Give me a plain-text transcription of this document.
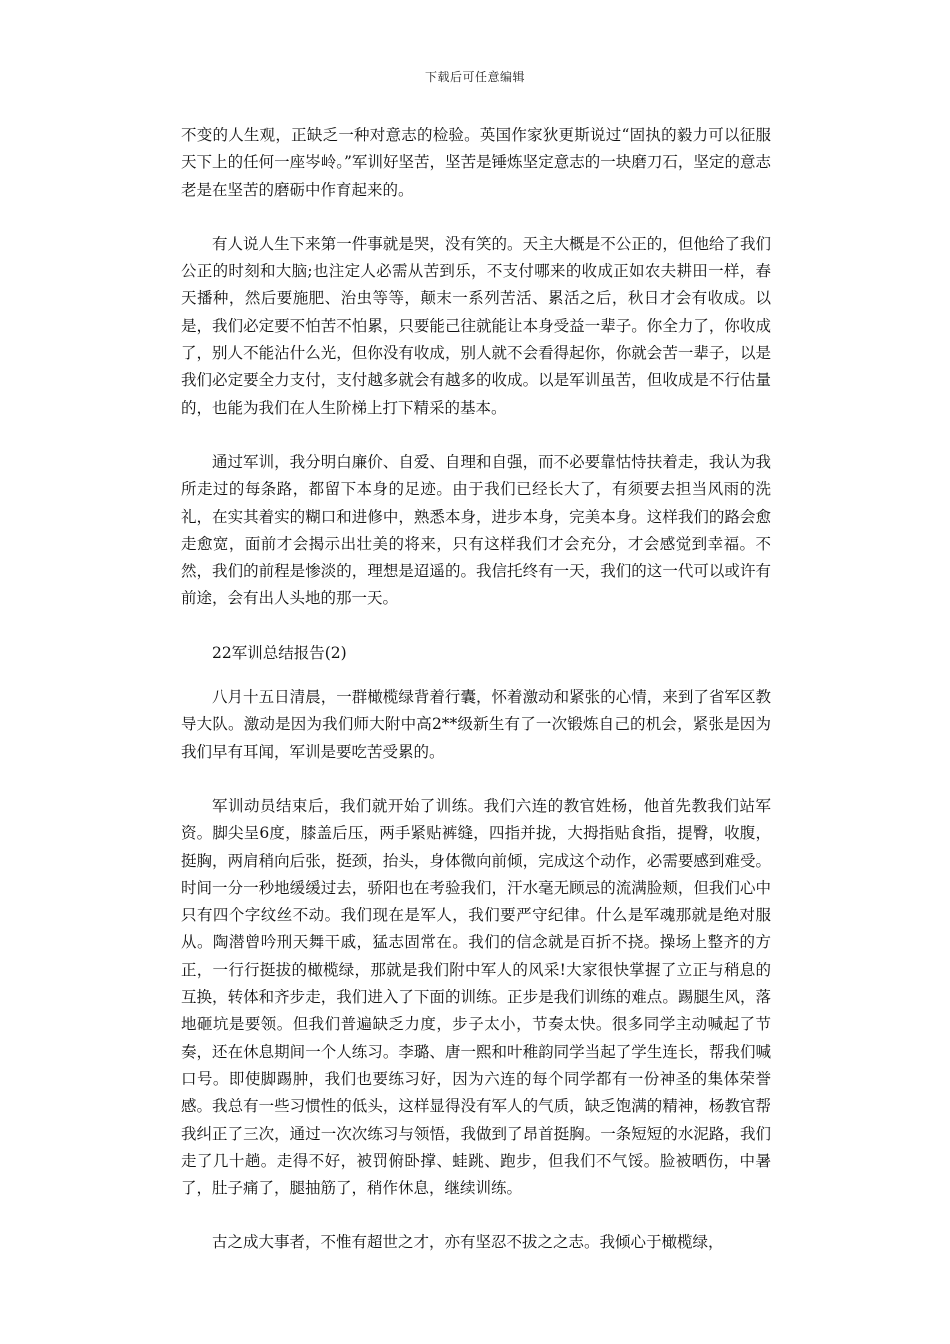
下载后可任意编辑

不变的人生观，正缺乏一种对意志的检验。英国作家狄更斯说过“固执的毅力可以征服天下上的任何一座岑岭。”军训好坚苦，坚苦是锤炼坚定意志的一块磨刀石，坚定的意志老是在坚苦的磨砺中作育起来的。

有人说人生下来第一件事就是哭，没有笑的。天主大概是不公正的，但他给了我们公正的时刻和大脑;也注定人必需从苦到乐，不支付哪来的收成正如农夫耕田一样，春天播种，然后要施肥、治虫等等，颠末一系列苦活、累活之后，秋日才会有收成。以是，我们必定要不怕苦不怕累，只要能己往就能让本身受益一辈子。你全力了，你收成了，别人不能沾什么光，但你没有收成，别人就不会看得起你，你就会苦一辈子，以是我们必定要全力支付，支付越多就会有越多的收成。以是军训虽苦，但收成是不行估量的，也能为我们在人生阶梯上打下精采的基本。

通过军训，我分明白廉价、自爱、自理和自强，而不必要靠怙恃扶着走，我认为我所走过的每条路，都留下本身的足迹。由于我们已经长大了，有须要去担当风雨的洗礼，在实其着实的糊口和进修中，熟悉本身，进步本身，完美本身。这样我们的路会愈走愈宽，面前才会揭示出壮美的将来，只有这样我们才会充分，才会感觉到幸福。不然，我们的前程是惨淡的，理想是迢遥的。我信托终有一天，我们的这一代可以或许有前途，会有出人头地的那一天。

22军训总结报告(2)

八月十五日清晨，一群橄榄绿背着行囊，怀着激动和紧张的心情，来到了省军区教导大队。激动是因为我们师大附中高2**级新生有了一次锻炼自己的机会，紧张是因为我们早有耳闻，军训是要吃苦受累的。

军训动员结束后，我们就开始了训练。我们六连的教官姓杨，他首先教我们站军资。脚尖呈6度，膝盖后压，两手紧贴裤缝，四指并拢，大拇指贴食指，提臀，收腹，挺胸，两肩稍向后张，挺颈，抬头，身体微向前倾，完成这个动作，必需要感到难受。时间一分一秒地缓缓过去，骄阳也在考验我们，汗水毫无顾忌的流满脸颊，但我们心中只有四个字纹丝不动。我们现在是军人，我们要严守纪律。什么是军魂那就是绝对服从。陶潜曾吟刑天舞干戚，猛志固常在。我们的信念就是百折不挠。操场上整齐的方正，一行行挺拔的橄榄绿，那就是我们附中军人的风采!大家很快掌握了立正与稍息的互换，转体和齐步走，我们进入了下面的训练。正步是我们训练的难点。踢腿生风，落地砸坑是要领。但我们普遍缺乏力度，步子太小，节奏太快。很多同学主动喊起了节奏，还在休息期间一个人练习。李璐、唐一熙和叶稚韵同学当起了学生连长，帮我们喊口号。即使脚踢肿，我们也要练习好，因为六连的每个同学都有一份神圣的集体荣誉感。我总有一些习惯性的低头，这样显得没有军人的气质，缺乏饱满的精神，杨教官帮我纠正了三次，通过一次次练习与领悟，我做到了昂首挺胸。一条短短的水泥路，我们走了几十趟。走得不好，被罚俯卧撑、蛙跳、跑步，但我们不气馁。脸被晒伤，中暑了，肚子痛了，腿抽筋了，稍作休息，继续训练。

古之成大事者，不惟有超世之才，亦有坚忍不拔之之志。我倾心于橄榄绿，
